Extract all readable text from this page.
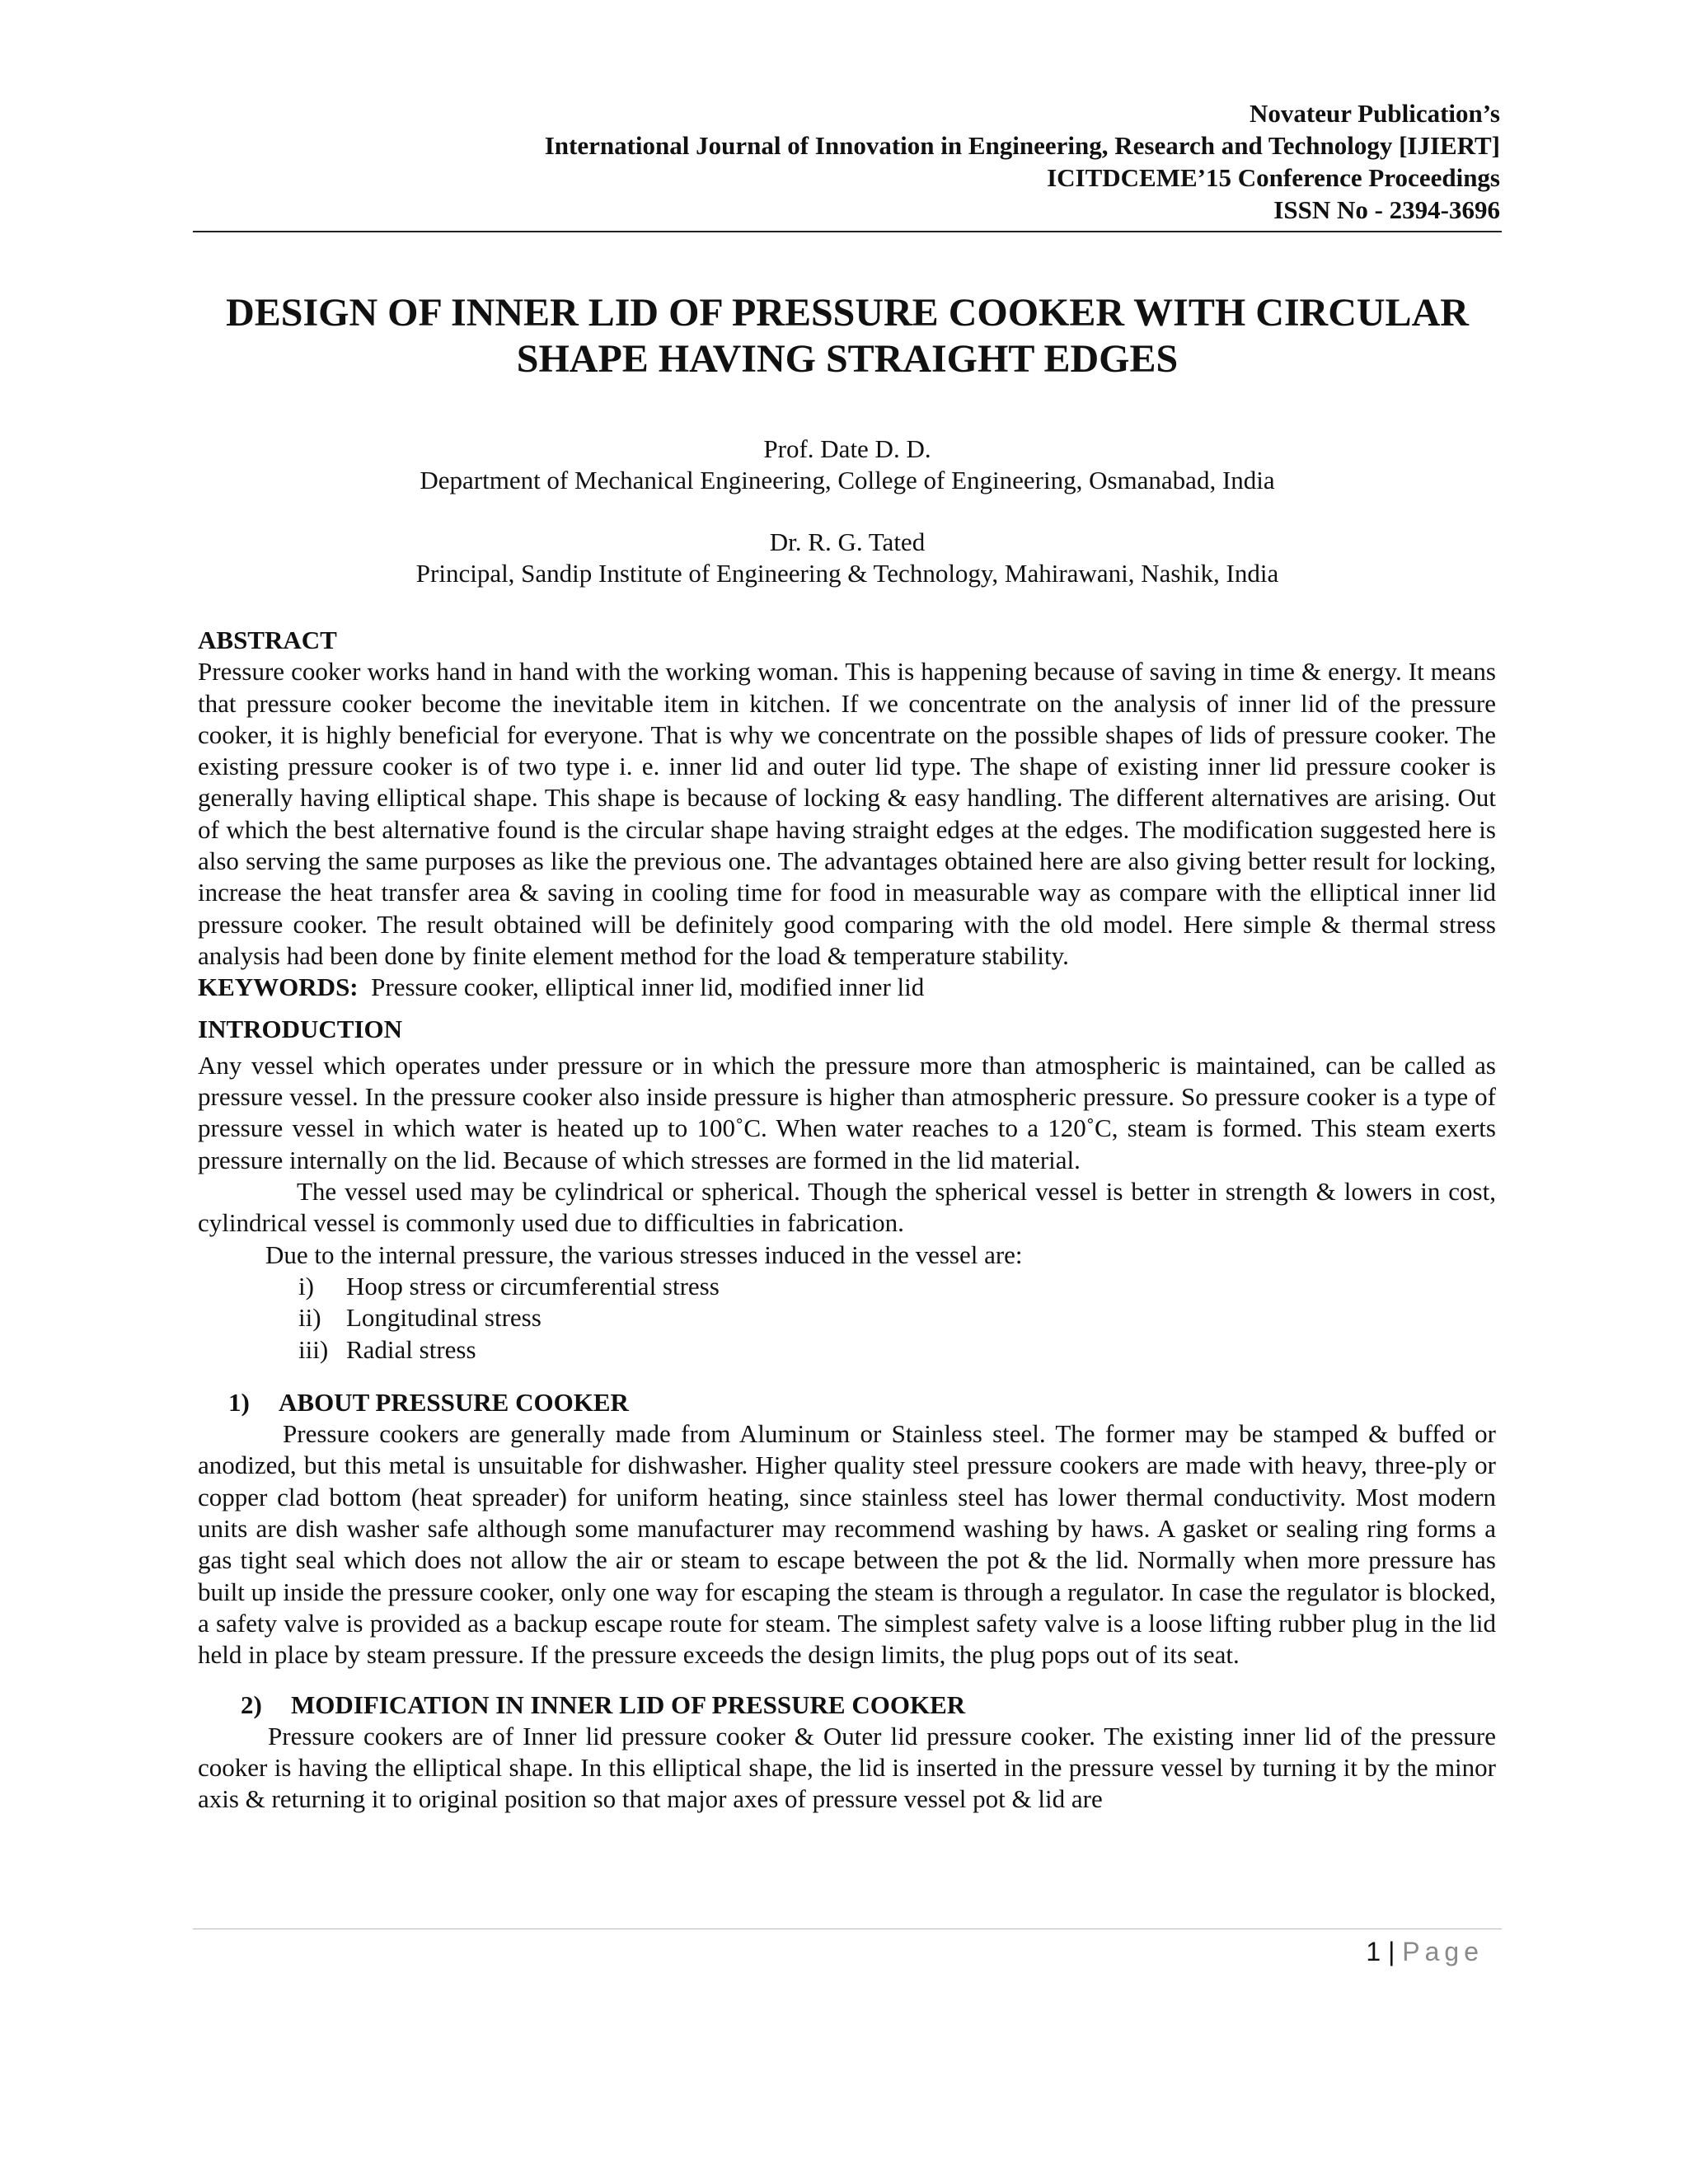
Novateur Publication’s
International Journal of Innovation in Engineering, Research and Technology [IJIERT]
ICITDCEME’15 Conference Proceedings
ISSN No - 2394-3696
DESIGN OF INNER LID OF PRESSURE COOKER WITH CIRCULAR
SHAPE HAVING STRAIGHT EDGES
Prof. Date D. D.
Department of Mechanical Engineering, College of Engineering, Osmanabad, India
Dr. R. G. Tated
Principal, Sandip Institute of Engineering & Technology, Mahirawani, Nashik, India
ABSTRACT

Pressure cooker works hand in hand with the working woman. This is happening because of saving in time & energy. It means that pressure cooker become the inevitable item in kitchen. If we concentrate on the analysis of inner lid of the pressure cooker, it is highly beneficial for everyone. That is why we concentrate on the possible shapes of lids of pressure cooker. The existing pressure cooker is of two type i. e. inner lid and outer lid type. The shape of existing inner lid pressure cooker is generally having elliptical shape. This shape is because of locking & easy handling. The different alternatives are arising. Out of which the best alternative found is the circular shape having straight edges at the edges. The modification suggested here is also serving the same purposes as like the previous one. The advantages obtained here are also giving better result for locking, increase the heat transfer area & saving in cooling time for food in measurable way as compare with the elliptical inner lid pressure cooker. The result obtained will be definitely good comparing with the old model. Here simple & thermal stress analysis had been done by finite element method for the load & temperature stability.

KEYWORDS: Pressure cooker, elliptical inner lid, modified inner lid

INTRODUCTION

Any vessel which operates under pressure or in which the pressure more than atmospheric is maintained, can be called as pressure vessel. In the pressure cooker also inside pressure is higher than atmospheric pressure. So pressure cooker is a type of pressure vessel in which water is heated up to 100˚C. When water reaches to a 120˚C, steam is formed. This steam exerts pressure internally on the lid. Because of which stresses are formed in the lid material.

The vessel used may be cylindrical or spherical. Though the spherical vessel is better in strength & lowers in cost, cylindrical vessel is commonly used due to difficulties in fabrication.

Due to the internal pressure, the various stresses induced in the vessel are:

i)	Hoop stress or circumferential stress
ii) Longitudinal stress
iii) Radial stress
1) ABOUT PRESSURE COOKER

Pressure cookers are generally made from Aluminum or Stainless steel. The former may be stamped & buffed or anodized, but this metal is unsuitable for dishwasher. Higher quality steel pressure cookers are made with heavy, three-ply or copper clad bottom (heat spreader) for uniform heating, since stainless steel has lower thermal conductivity. Most modern units are dish washer safe although some manufacturer may recommend washing by haws. A gasket or sealing ring forms a gas tight seal which does not allow the air or steam to escape between the pot & the lid. Normally when more pressure has built up inside the pressure cooker, only one way for escaping the steam is through a regulator. In case the regulator is blocked, a safety valve is provided as a backup escape route for steam. The simplest safety valve is a loose lifting rubber plug in the lid held in place by steam pressure. If the pressure exceeds the design limits, the plug pops out of its seat.

2) MODIFICATION IN INNER LID OF PRESSURE COOKER

Pressure cookers are of Inner lid pressure cooker & Outer lid pressure cooker. The existing inner lid of the pressure cooker is having the elliptical shape. In this elliptical shape, the lid is inserted in the pressure vessel by turning it by the minor axis & returning it to original position so that major axes of pressure vessel pot & lid are

1 | Page
